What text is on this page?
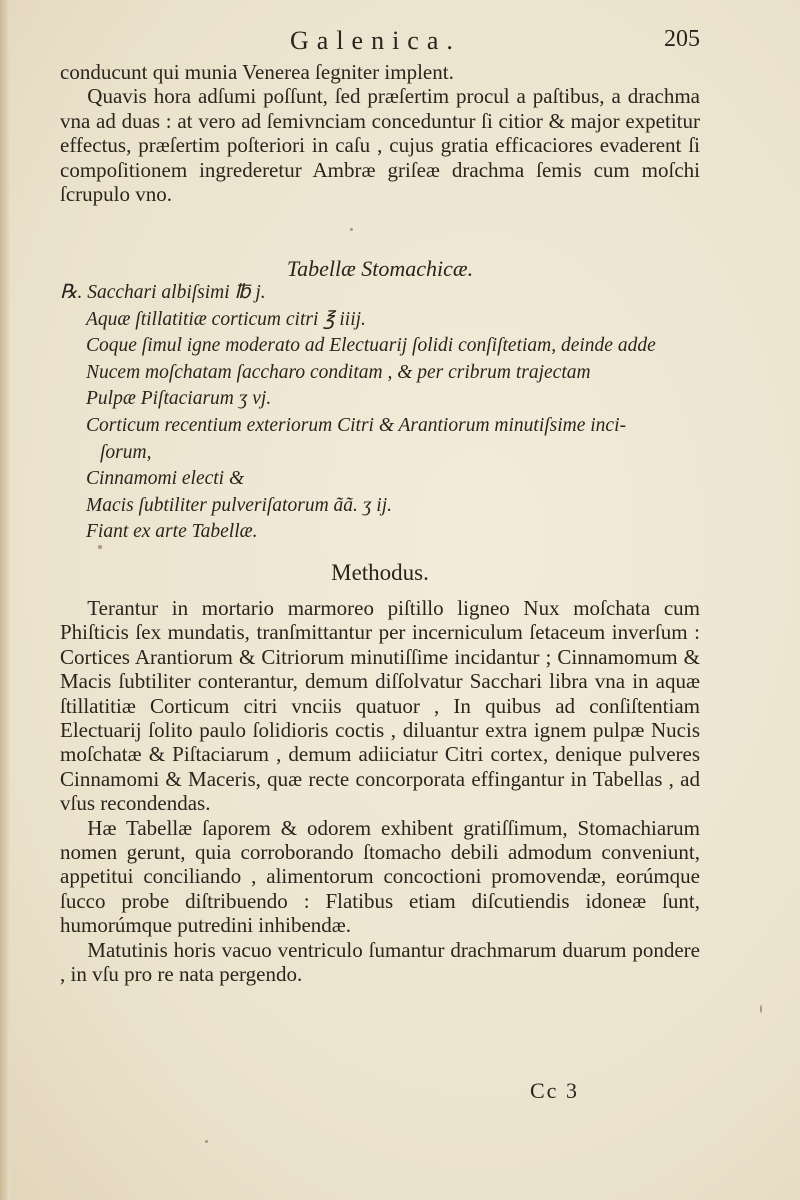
Galenica.	205

conducunt qui munia Venerea ſegniter implent.

Quavis hora adſumi poſſunt, ſed præſertim procul a paſtibus, a drachma vna ad duas : at vero ad ſemivnciam conceduntur ſi citior & major expetitur effectus, præſertim poſteriori in caſu , cujus gratia efficaciores evaderent ſi compoſitionem ingrederetur Ambræ griſeæ drachma ſemis cum moſchi ſcrupulo vno.

Tabellæ Stomachicæ.
℞. Sacchari albiſsimi ℔ j.
Aquæ ſtillatitiæ corticum citri ℥ iiij.
Coque ſimul igne moderato ad Electuarij ſolidi conſiſtetiam, deinde adde
Nucem moſchatam ſaccharo conditam , & per cribrum trajectam
Pulpæ Piſtaciarum ʒ vj.
Corticum recentium exteriorum Citri & Arantiorum minutiſsime inci-
ſorum,
Cinnamomi electi &
Macis ſubtiliter pulveriſatorum ãã. ʒ ij.
Fiant ex arte Tabellæ.
Methodus.

Terantur in mortario marmoreo piſtillo ligneo Nux moſchata cum Phiſticis ſex mundatis, tranſmittantur per incerniculum ſetaceum inverſum : Cortices Arantiorum & Citriorum minutiſſime incidantur ; Cinnamomum & Macis ſubtiliter conterantur, demum diſſolvatur Sacchari libra vna in aquæ ſtillatitiæ Corticum citri vnciis quatuor , In quibus ad conſiſtentiam Electuarij ſolito paulo ſolidioris coctis , diluantur extra ignem pulpæ Nucis moſchatæ & Piſtaciarum , demum adiiciatur Citri cortex, denique pulveres Cinnamomi & Maceris, quæ recte concorporata effingantur in Tabellas , ad vſus recondendas.

Hæ Tabellæ ſaporem & odorem exhibent gratiſſimum, Stomachiarum nomen gerunt, quia corroborando ſtomacho debili admodum conveniunt, appetitui conciliando , alimentorum concoctioni promovendæ, eorúmque ſucco probe diſtribuendo : Flatibus etiam diſcutiendis idoneæ ſunt, humorúmque putredini inhibendæ.

Matutinis horis vacuo ventriculo ſumantur drachmarum duarum pondere , in vſu pro re nata pergendo.

Cc 3
